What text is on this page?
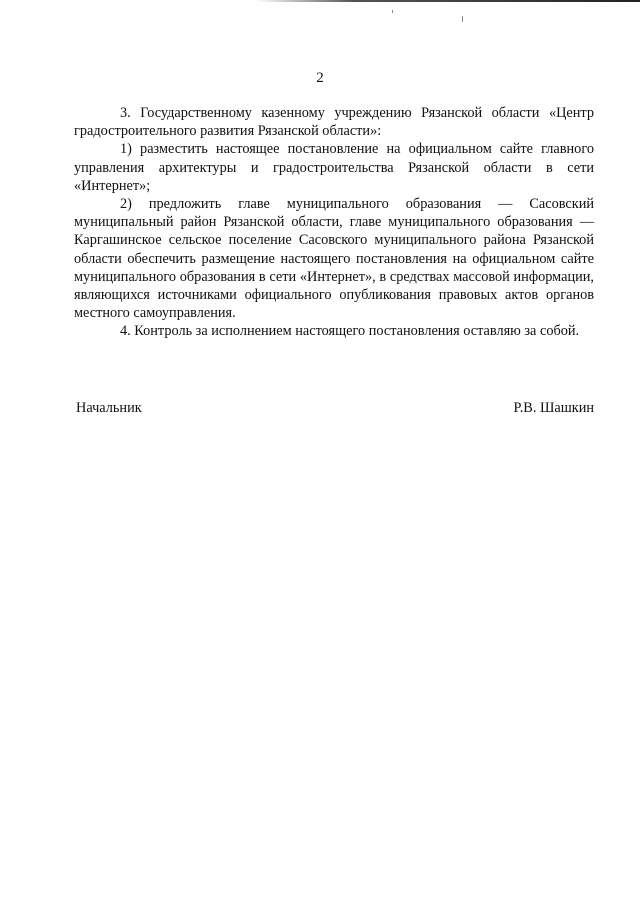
2

3. Государственному казенному учреждению Рязанской области «Центр градостроительного развития Рязанской области»:

1) разместить настоящее постановление на официальном сайте главного управления архитектуры и градостроительства Рязанской области в сети «Интернет»;

2) предложить главе муниципального образования — Сасовский муниципальный район Рязанской области, главе муниципального образования — Каргашинское сельское поселение Сасовского муниципального района Рязанской области обеспечить размещение настоящего постановления на официальном сайте муниципального образования в сети «Интернет», в средствах массовой информации, являющихся источниками официального опубликования правовых актов органов местного самоуправления.

4. Контроль за исполнением настоящего постановления оставляю за собой.

Начальник	Р.В. Шашкин
